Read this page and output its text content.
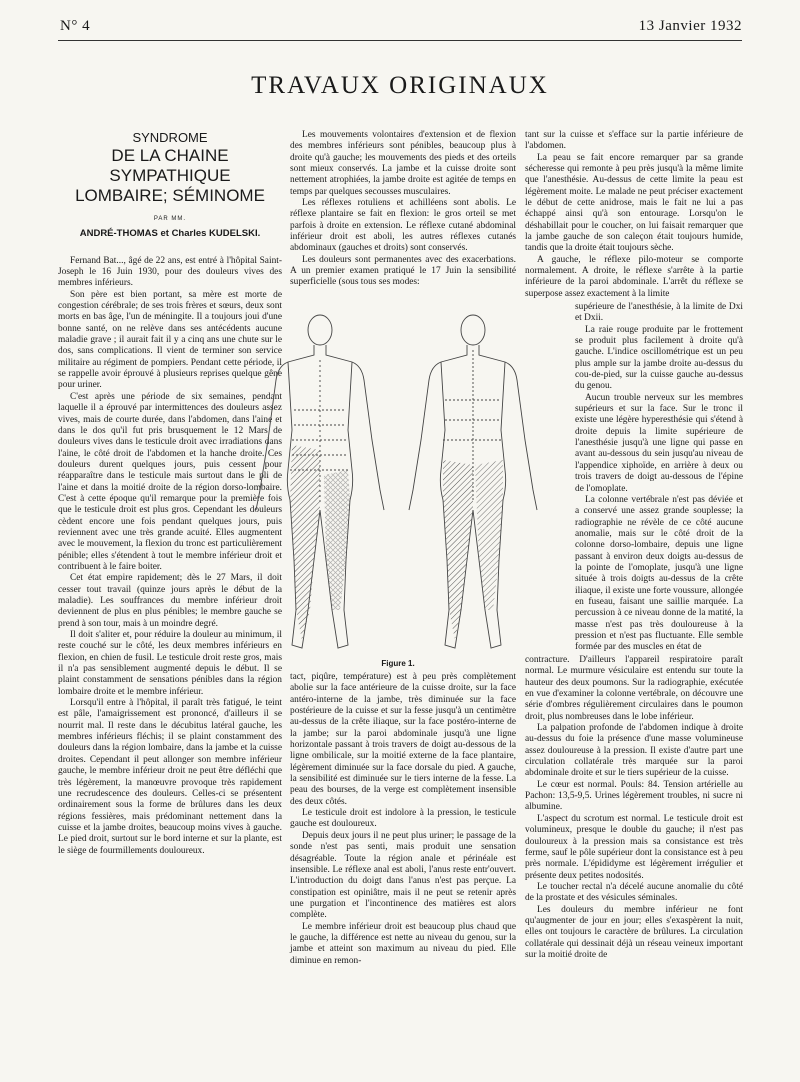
N° 4	13 Janvier 1932
TRAVAUX ORIGINAUX
SYNDROME
DE LA CHAINE SYMPATHIQUE
LOMBAIRE; SÉMINOME
PAR MM.
ANDRÉ-THOMAS et Charles KUDELSKI.

Fernand Bat..., âgé de 22 ans, est entré à l'hôpital Saint-Joseph le 16 Juin 1930, pour des douleurs vives des membres inférieurs.

Son père est bien portant, sa mère est morte de congestion cérébrale; de ses trois frères et sœurs, deux sont morts en bas âge, l'un de méningite. Il a toujours joui d'une bonne santé, on ne relève dans ses antécédents aucune maladie grave ; il aurait fait il y a cinq ans une chute sur le dos, sans complications. Il vient de terminer son service militaire au régiment de pompiers. Pendant cette période, il se rappelle avoir éprouvé à plusieurs reprises quelque gêne pour uriner.

C'est après une période de six semaines, pendant laquelle il a éprouvé par intermittences des douleurs assez vives, mais de courte durée, dans l'abdomen, dans l'aine et dans le dos qu'il fut pris brusquement le 12 Mars de douleurs vives dans le testicule droit avec irradiations dans l'aine, le côté droit de l'abdomen et la hanche droite. Ces douleurs durent quelques jours, puis cessent pour réapparaître dans le testicule mais surtout dans le pli de l'aine et dans la moitié droite de la région dorso-lombaire. C'est à cette époque qu'il remarque pour la première fois que le testicule droit est plus gros. Cependant les douleurs cèdent encore une fois pendant quelques jours, puis reviennent avec une très grande acuité. Elles augmentent avec le mouvement, la flexion du tronc est particulièrement pénible; elles s'étendent à tout le membre inférieur droit et contribuent à le faire boiter.

Cet état empire rapidement; dès le 27 Mars, il doit cesser tout travail (quinze jours après le début de la maladie). Les souffrances du membre inférieur droit deviennent de plus en plus pénibles; le membre gauche se prend à son tour, mais à un moindre degré.

Il doit s'aliter et, pour réduire la douleur au minimum, il reste couché sur le côté, les deux membres inférieurs en flexion, en chien de fusil. Le testicule droit reste gros, mais il n'a pas sensiblement augmenté depuis le début. Il se plaint constamment de sensations pénibles dans la région lombaire droite et le membre inférieur.

Lorsqu'il entre à l'hôpital, il paraît très fatigué, le teint est pâle, l'amaigrissement est prononcé, d'ailleurs il se nourrit mal. Il reste dans le décubitus latéral gauche, les membres inférieurs fléchis; il se plaint constamment des douleurs dans la région lombaire, dans la jambe et la cuisse droites. Cependant il peut allonger son membre inférieur gauche, le membre inférieur droit ne peut être défléchi que très légèrement, la manœuvre provoque très rapidement une recrudescence des douleurs. Celles-ci se présentent ordinairement sous la forme de brûlures dans les deux régions fessières, mais prédominant nettement dans la cuisse et la jambe droites, beaucoup moins vives à gauche. Le pied droit, surtout sur le bord interne et sur la plante, est le siège de fourmillements douloureux.

Les mouvements volontaires d'extension et de flexion des membres inférieurs sont pénibles, beaucoup plus à droite qu'à gauche; les mouvements des pieds et des orteils sont mieux conservés. La jambe et la cuisse droite sont nettement atrophiées, la jambe droite est agitée de temps en temps par quelques secousses musculaires.

Les réflexes rotuliens et achilléens sont abolis. Le réflexe plantaire se fait en flexion: le gros orteil se met parfois à droite en extension. Le réflexe cutané abdominal inférieur droit est aboli, les autres réflexes cutanés abdominaux (gauches et droits) sont conservés.

Les douleurs sont permanentes avec des exacerbations. A un premier examen pratiqué le 17 Juin la sensibilité superficielle (sous tous ses modes:

tant sur la cuisse et s'efface sur la partie inférieure de l'abdomen.

La peau se fait encore remarquer par sa grande sécheresse qui remonte à peu près jusqu'à la même limite que l'anesthésie. Au-dessus de cette limite la peau est légèrement moite. Le malade ne peut préciser exactement le début de cette anidrose, mais le fait ne lui a pas échappé ainsi qu'à son entourage. Lorsqu'on le déshabillait pour le coucher, on lui faisait remarquer que la jambe gauche de son caleçon était toujours humide, tandis que la droite était toujours sèche.

A gauche, le réflexe pilo-moteur se comporte normalement. A droite, le réflexe s'arrête à la partie inférieure de la paroi abdominale. L'arrêt du réflexe se superpose assez exactement à la limite

Figure 1.

supérieure de l'anesthésie, à la limite de Dxi et Dxii.

La raie rouge produite par le frottement se produit plus facilement à droite qu'à gauche. L'indice oscillométrique est un peu plus ample sur la jambe droite au-dessus du cou-de-pied, sur la cuisse gauche au-dessus du genou.

Aucun trouble nerveux sur les membres supérieurs et sur la face. Sur le tronc il existe une légère hyperesthésie qui s'étend à droite depuis la limite supérieure de l'anesthésie jusqu'à une ligne qui passe en avant au-dessous du sein jusqu'au niveau de l'appendice xiphoïde, en arrière à deux ou trois travers de doigt au-dessous de l'épine de l'omoplate.

La colonne vertébrale n'est pas déviée et a conservé une assez grande souplesse; la radiographie ne révèle de ce côté aucune anomalie, mais sur le côté droit de la colonne dorso-lombaire, depuis une ligne passant à environ deux doigts au-dessus de la pointe de l'omoplate, jusqu'à une ligne située à trois doigts au-dessus de la crête iliaque, il existe une forte voussure, allongée en fuseau, faisant une saillie marquée. La percussion à ce niveau donne de la matité, la masse n'est pas très douloureuse à la pression et n'est pas fluctuante. Elle semble formée par des muscles en état de

tact, piqûre, température) est à peu près complètement abolie sur la face antérieure de la cuisse droite, sur la face antéro-interne de la jambe, très diminuée sur la face postérieure de la cuisse et sur la fesse jusqu'à un centimètre au-dessus de la crête iliaque, sur la face postéro-interne de la jambe; sur la paroi abdominale jusqu'à une ligne horizontale passant à trois travers de doigt au-dessous de la ligne ombilicale, sur la moitié externe de la face plantaire, légèrement diminuée sur la face dorsale du pied. A gauche, la sensibilité est diminuée sur le tiers interne de la fesse. La peau des bourses, de la verge est complètement insensible des deux côtés.

Le testicule droit est indolore à la pression, le testicule gauche est douloureux.

Depuis deux jours il ne peut plus uriner; le passage de la sonde n'est pas senti, mais produit une sensation désagréable. Toute la région anale et périnéale est insensible. Le réflexe anal est aboli, l'anus reste entr'ouvert. L'introduction du doigt dans l'anus n'est pas perçue. La constipation est opiniâtre, mais il ne peut se retenir après une purgation et l'incontinence des matières est alors complète.

Le membre inférieur droit est beaucoup plus chaud que le gauche, la différence est nette au niveau du genou, sur la jambe et atteint son maximum au niveau du pied. Elle diminue en remon-

contracture. D'ailleurs l'appareil respiratoire paraît normal. Le murmure vésiculaire est entendu sur toute la hauteur des deux poumons. Sur la radiographie, exécutée en vue d'examiner la colonne vertébrale, on découvre une série d'ombres régulièrement circulaires dans le poumon droit, plus nombreuses dans le lobe inférieur.

La palpation profonde de l'abdomen indique à droite au-dessus du foie la présence d'une masse volumineuse assez douloureuse à la pression. Il existe d'autre part une circulation collatérale très marquée sur la paroi abdominale droite et sur le tiers supérieur de la cuisse.

Le cœur est normal. Pouls: 84. Tension artérielle au Pachon: 13,5-9,5. Urines légèrement troubles, ni sucre ni albumine.

L'aspect du scrotum est normal. Le testicule droit est volumineux, presque le double du gauche; il n'est pas douloureux à la pression mais sa consistance est très ferme, sauf le pôle supérieur dont la consistance est à peu près normale. L'épididyme est légèrement irrégulier et présente deux petites nodosités.

Le toucher rectal n'a décelé aucune anomalie du côté de la prostate et des vésicules séminales.

Les douleurs du membre inférieur ne font qu'augmenter de jour en jour; elles s'exaspèrent la nuit, elles ont toujours le caractère de brûlures. La circulation collatérale qui dessinait déjà un réseau veineux important sur la moitié droite de
